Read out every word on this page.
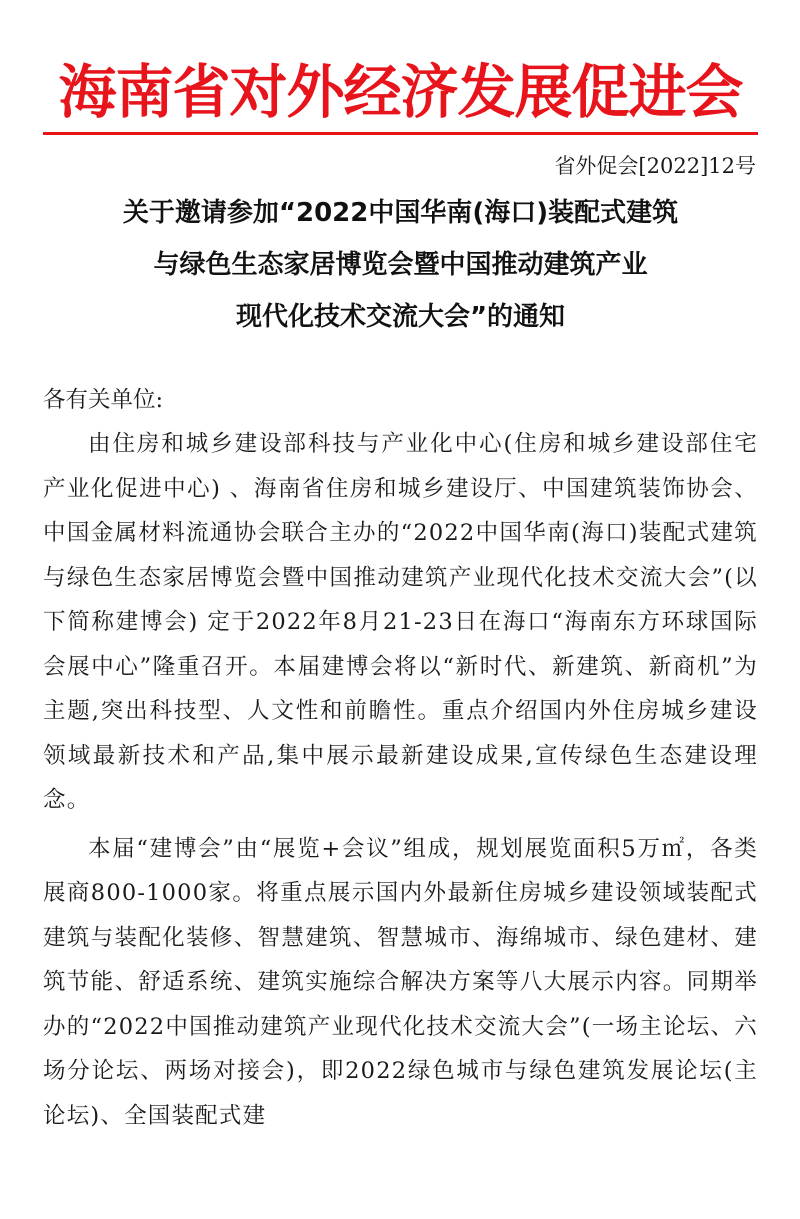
海南省对外经济发展促进会
省外促会[2022]12号
关于邀请参加“2022中国华南(海口)装配式建筑
与绿色生态家居博览会暨中国推动建筑产业
现代化技术交流大会”的通知
各有关单位:

由住房和城乡建设部科技与产业化中心(住房和城乡建设部住宅产业化促进中心) 、海南省住房和城乡建设厅、中国建筑装饰协会、中国金属材料流通协会联合主办的“2022中国华南(海口)装配式建筑与绿色生态家居博览会暨中国推动建筑产业现代化技术交流大会”(以下简称建博会) 定于2022年8月21-23日在海口“海南东方环球国际会展中心”隆重召开。本届建博会将以“新时代、新建筑、新商机”为主题,突出科技型、人文性和前瞻性。重点介绍国内外住房城乡建设领域最新技术和产品,集中展示最新建设成果,宣传绿色生态建设理念。

本届“建博会”由“展览+会议”组成，规划展览面积5万㎡，各类展商800-1000家。将重点展示国内外最新住房城乡建设领域装配式建筑与装配化装修、智慧建筑、智慧城市、海绵城市、绿色建材、建筑节能、舒适系统、建筑实施综合解决方案等八大展示内容。同期举办的“2022中国推动建筑产业现代化技术交流大会”(一场主论坛、六场分论坛、两场对接会)，即2022绿色城市与绿色建筑发展论坛(主论坛)、全国装配式建
